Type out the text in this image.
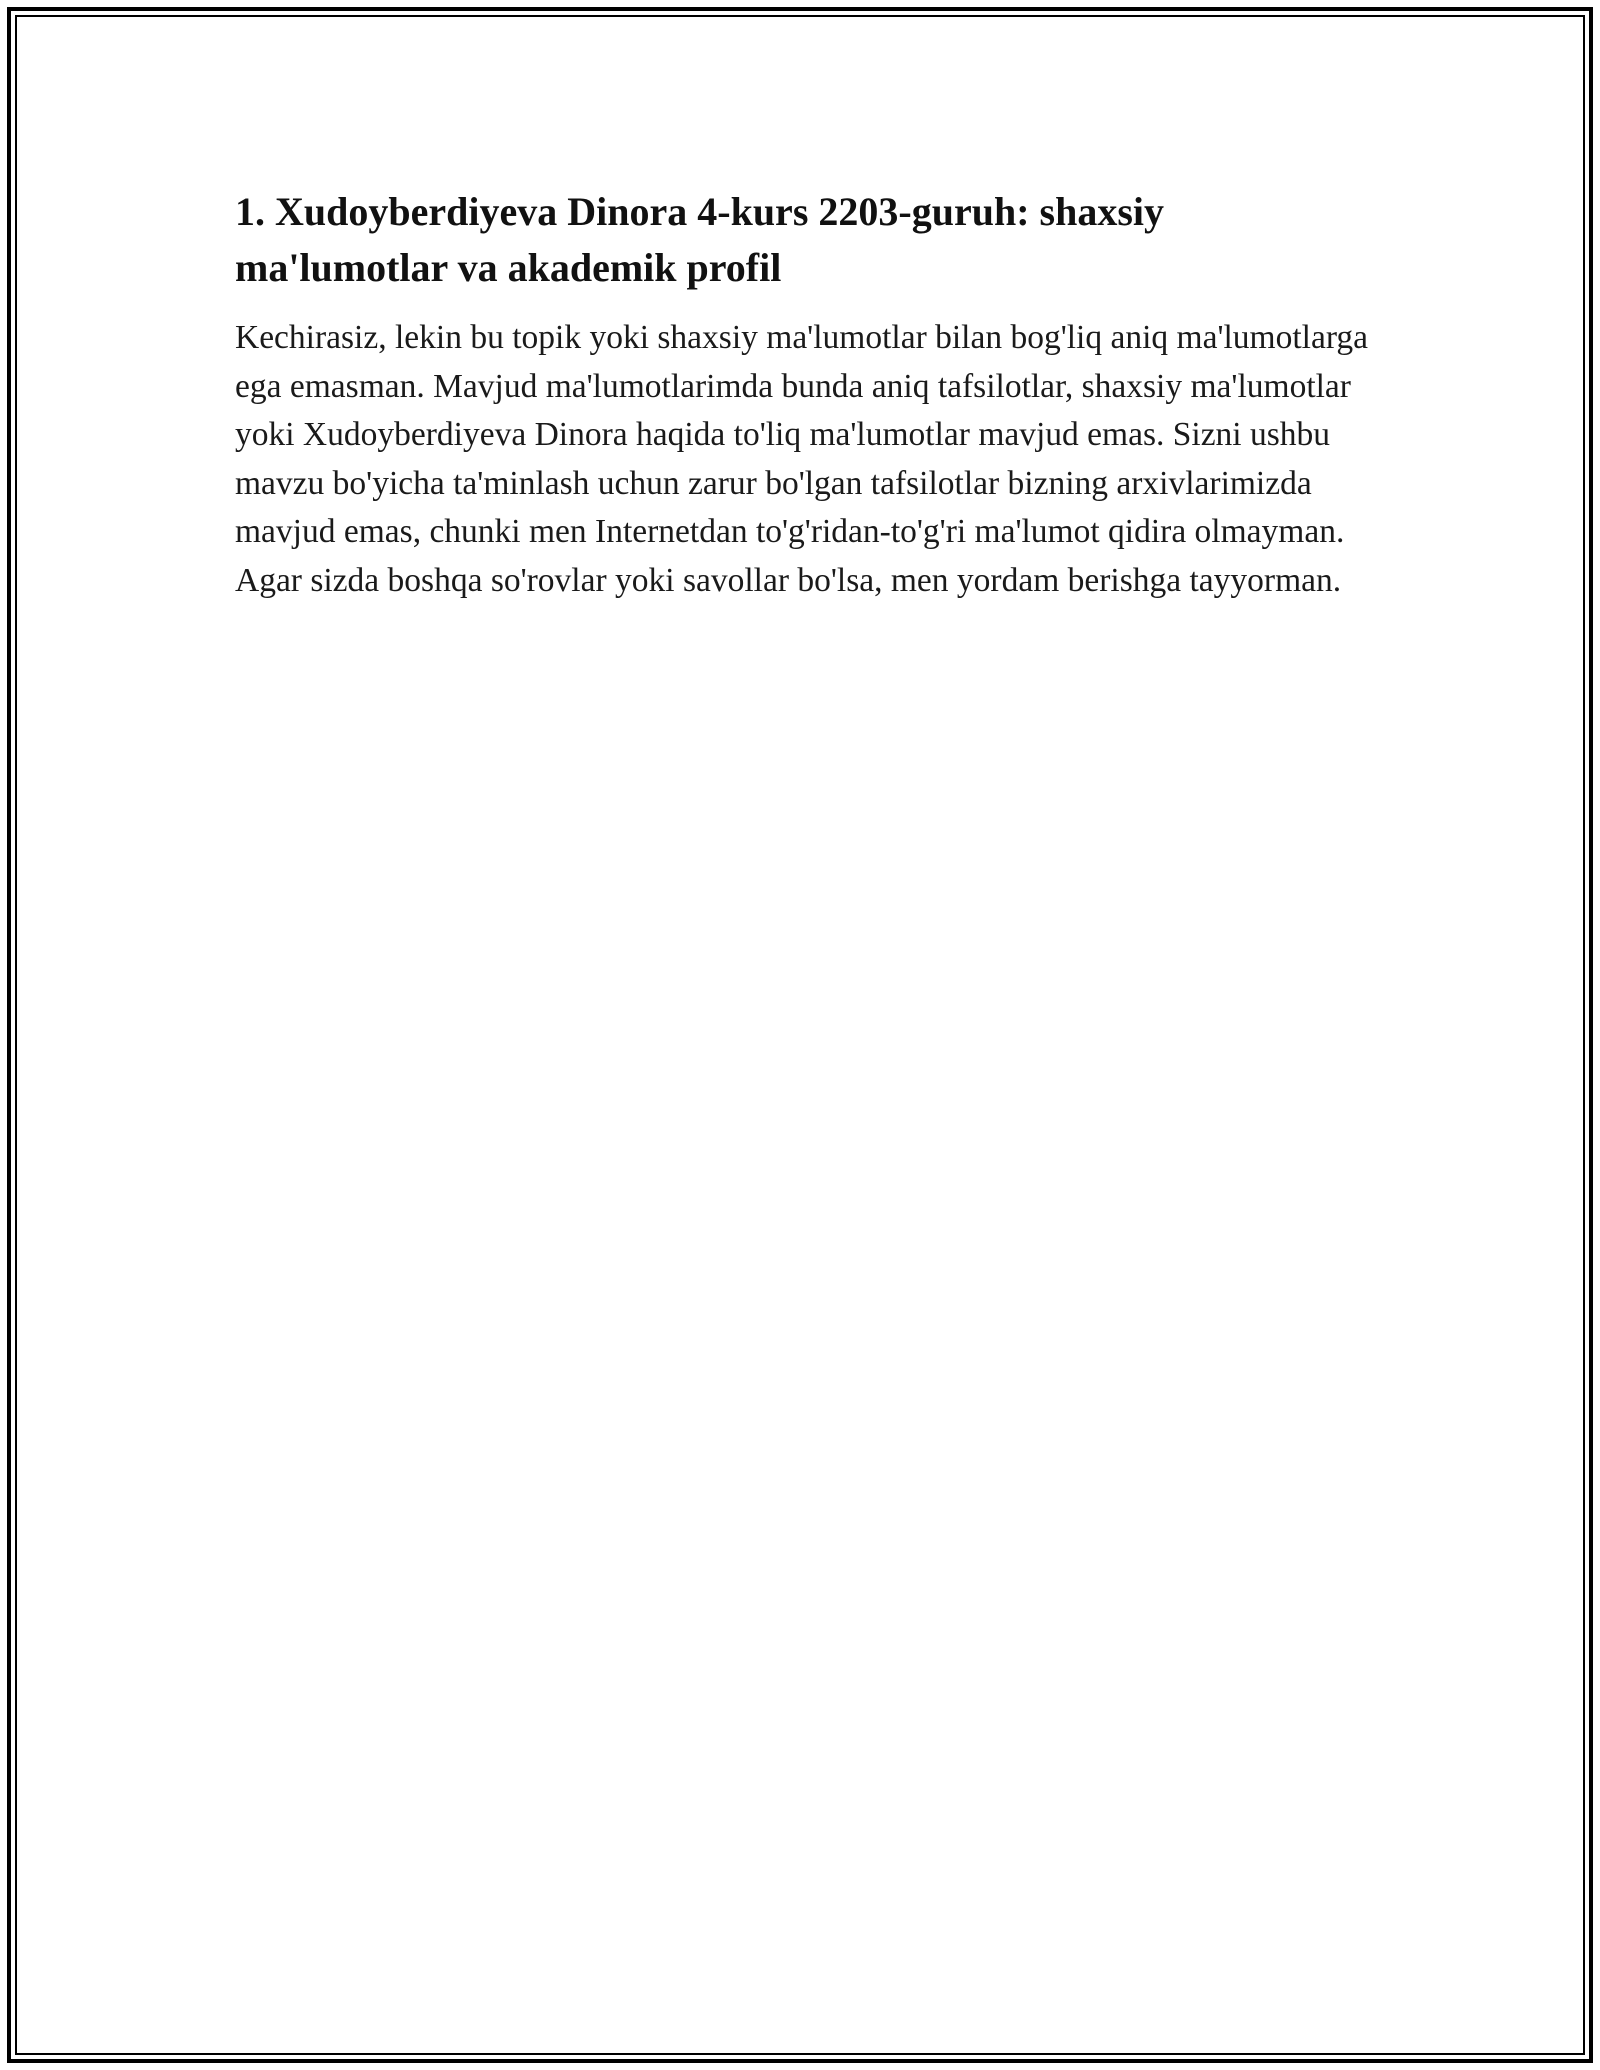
1. Xudoyberdiyeva Dinora 4-kurs 2203-guruh: shaxsiy ma'lumotlar va akademik profil

Kechirasiz, lekin bu topik yoki shaxsiy ma'lumotlar bilan bog'liq aniq ma'lumotlarga ega emasman. Mavjud ma'lumotlarimda bunda aniq tafsilotlar, shaxsiy ma'lumotlar yoki Xudoyberdiyeva Dinora haqida to'liq ma'lumotlar mavjud emas. Sizni ushbu mavzu bo'yicha ta'minlash uchun zarur bo'lgan tafsilotlar bizning arxivlarimizda mavjud emas, chunki men Internetdan to'g'ridan-to'g'ri ma'lumot qidira olmayman. Agar sizda boshqa so'rovlar yoki savollar bo'lsa, men yordam berishga tayyorman.
